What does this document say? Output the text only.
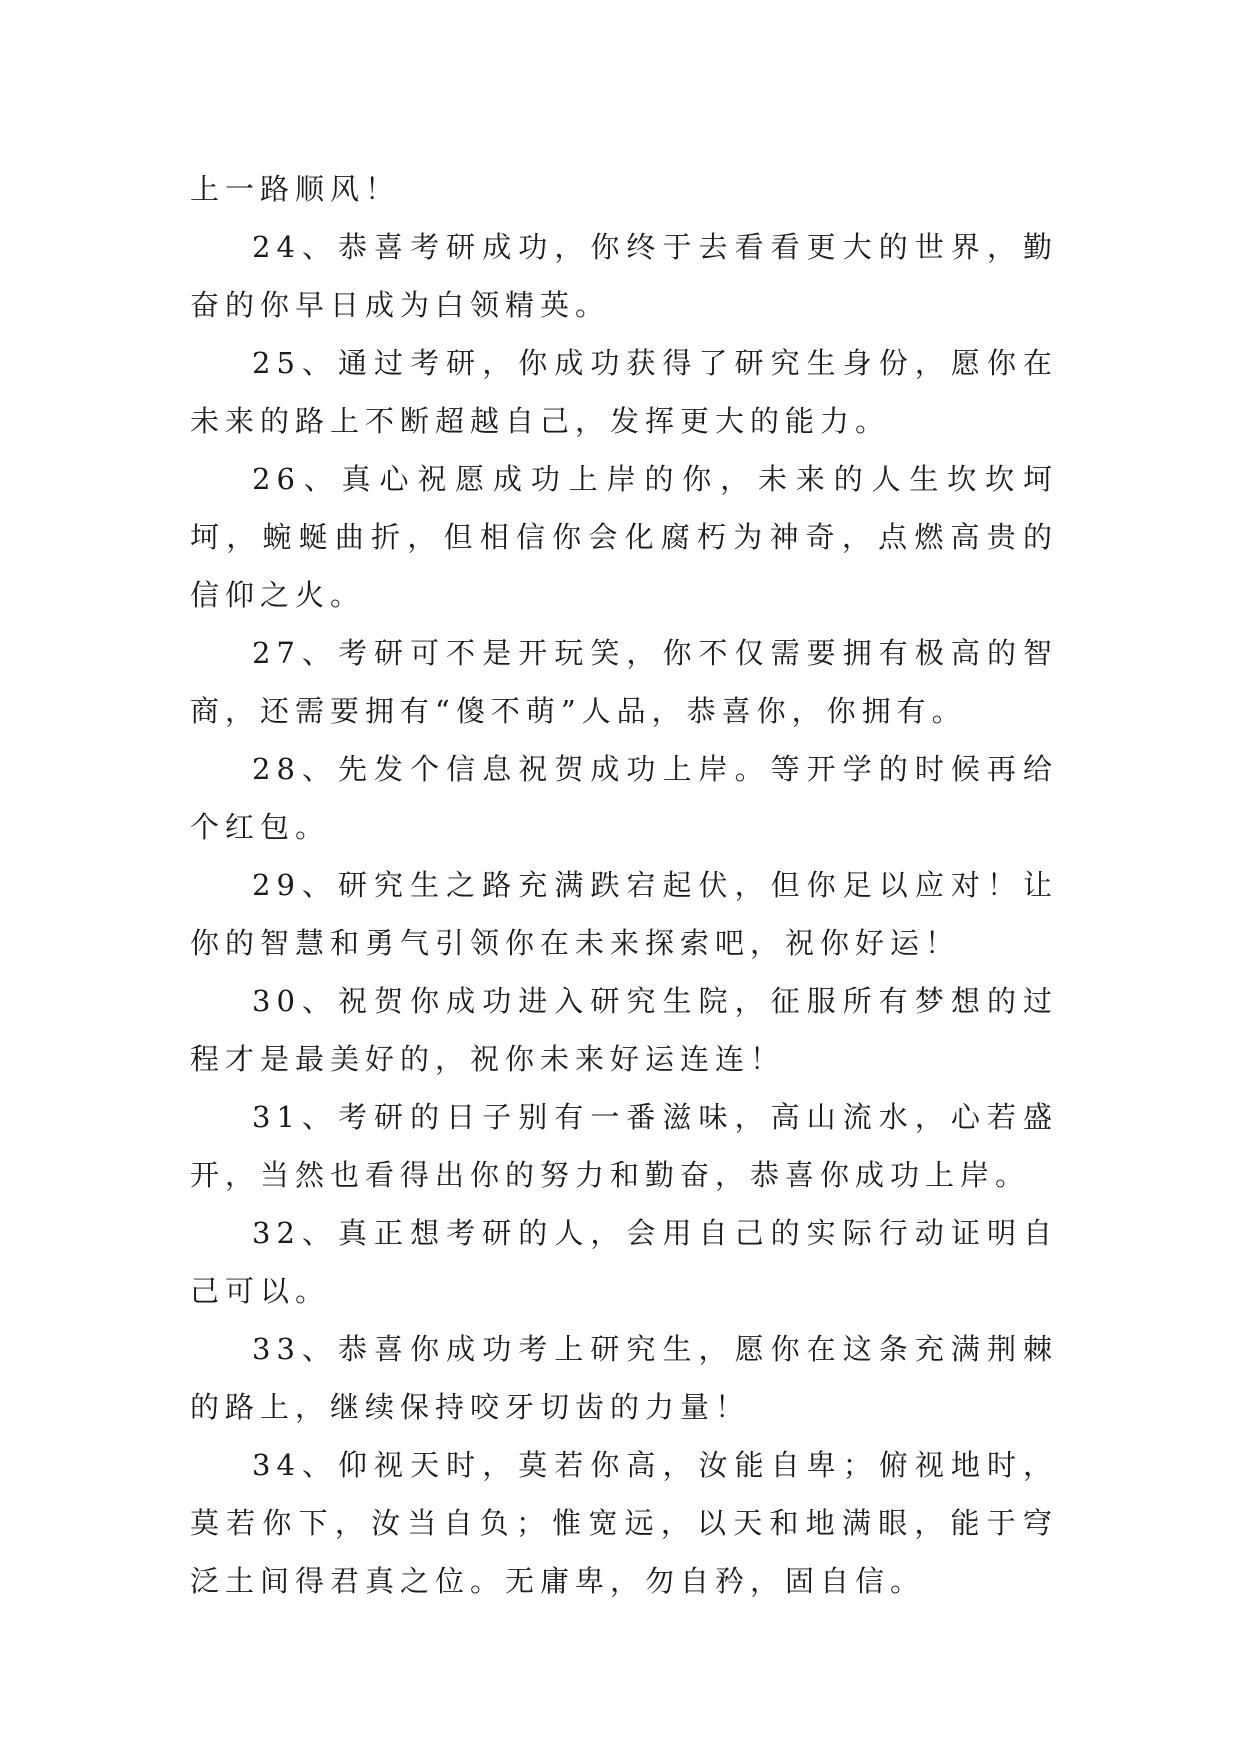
上一路顺风！

24、恭喜考研成功，你终于去看看更大的世界，勤奋的你早日成为白领精英。

25、通过考研，你成功获得了研究生身份，愿你在未来的路上不断超越自己，发挥更大的能力。

26、真心祝愿成功上岸的你，未来的人生坎坎坷坷，蜿蜒曲折，但相信你会化腐朽为神奇，点燃高贵的信仰之火。

27、考研可不是开玩笑，你不仅需要拥有极高的智商，还需要拥有“傻不萌”人品，恭喜你，你拥有。

28、先发个信息祝贺成功上岸。等开学的时候再给个红包。

29、研究生之路充满跌宕起伏，但你足以应对！让你的智慧和勇气引领你在未来探索吧，祝你好运！

30、祝贺你成功进入研究生院，征服所有梦想的过程才是最美好的，祝你未来好运连连！

31、考研的日子别有一番滋味，高山流水，心若盛开，当然也看得出你的努力和勤奋，恭喜你成功上岸。

32、真正想考研的人，会用自己的实际行动证明自己可以。

33、恭喜你成功考上研究生，愿你在这条充满荆棘的路上，继续保持咬牙切齿的力量！

34、仰视天时，莫若你高，汝能自卑；俯视地时，莫若你下，汝当自负；惟宽远，以天和地满眼，能于穹泛土间得君真之位。无庸卑，勿自矜，固自信。
